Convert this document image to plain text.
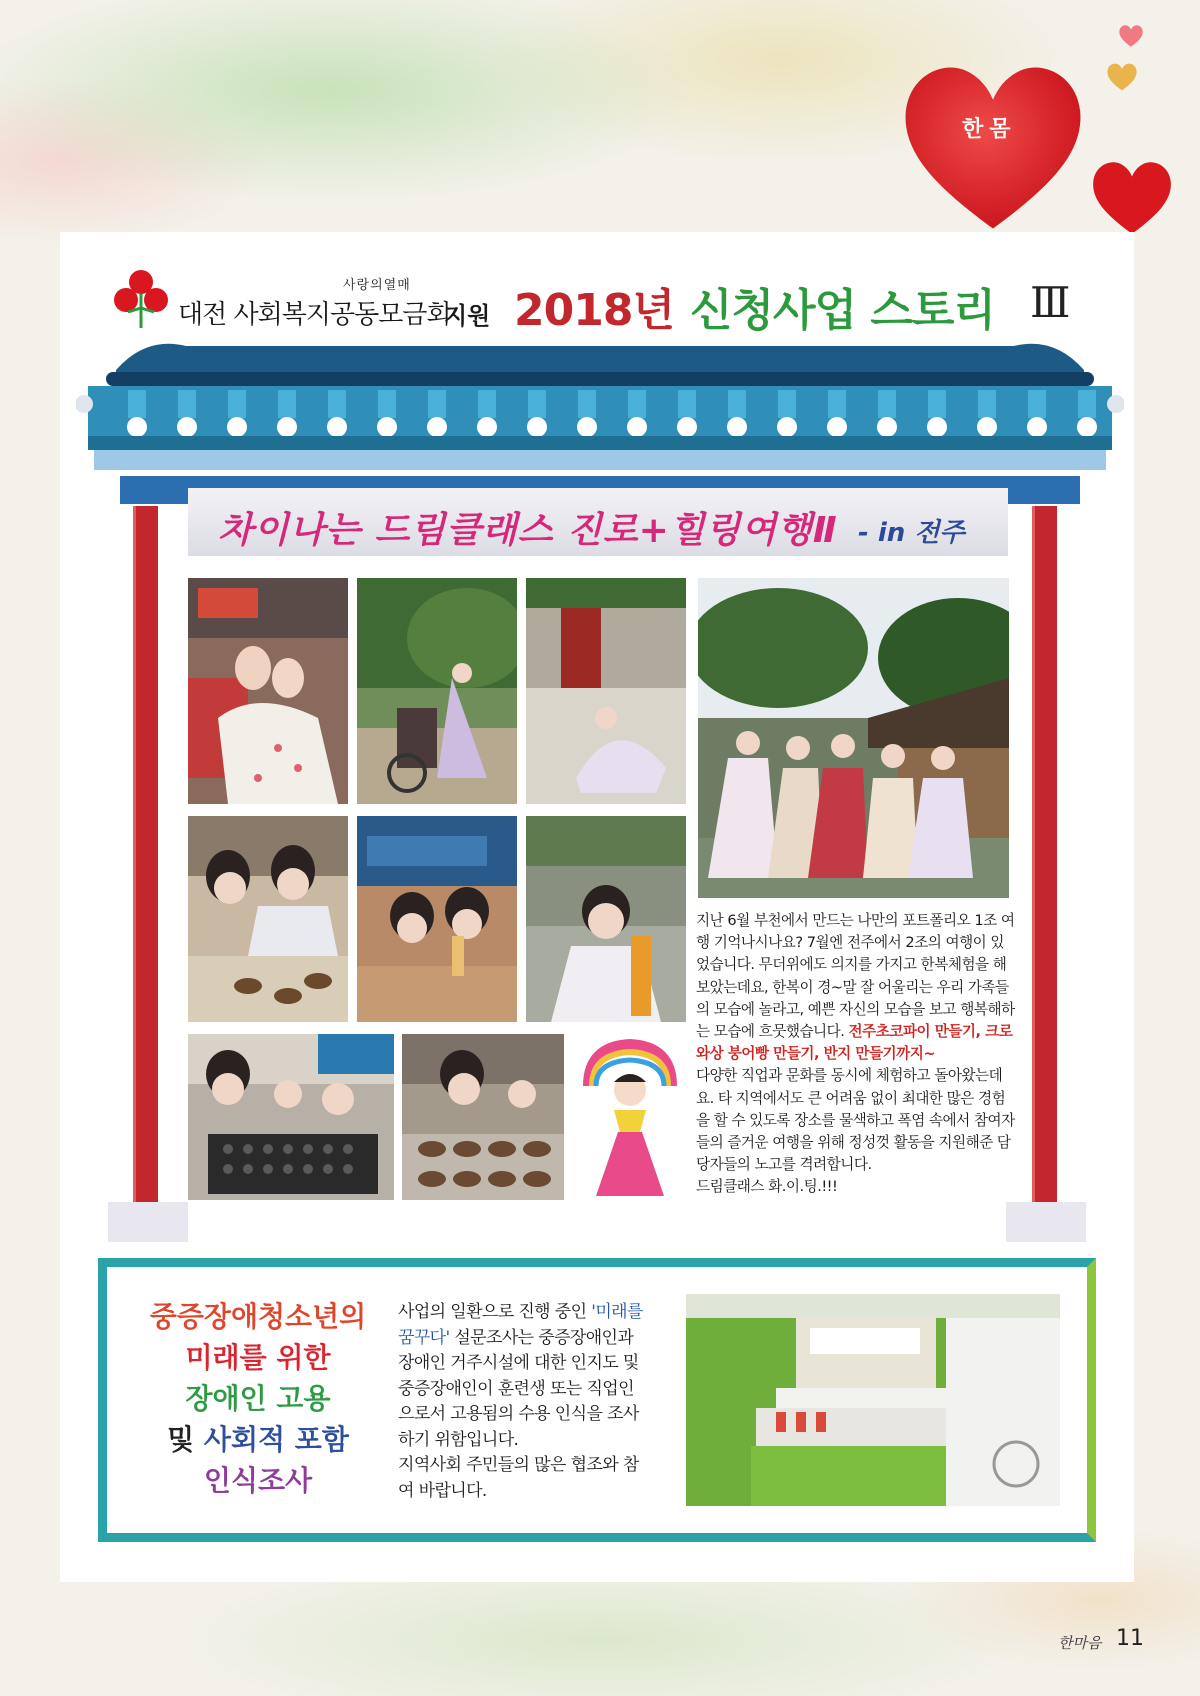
한몸
사랑의열매
대전 사회복지공동모금회
지원 2018년 신청사업 스토리 Ⅲ
차이나는 드림클래스 진로+힐링여행Ⅱ - in 전주

지난 6월 부천에서 만드는 나만의 포트폴리오 1조 여행 기억나시나요? 7월엔 전주에서 2조의 여행이 있었습니다. 무더위에도 의지를 가지고 한복체험을 해보았는데요, 한복이 경~말 잘 어울리는 우리 가족들의 모습에 놀라고, 예쁜 자신의 모습을 보고 행복해하는 모습에 흐뭇했습니다. 전주초코파이 만들기, 크로와상 붕어빵 만들기, 반지 만들기까지~

다양한 직업과 문화를 동시에 체험하고 돌아왔는데요. 타 지역에서도 큰 어려움 없이 최대한 많은 경험을 할 수 있도록 장소를 물색하고 폭염 속에서 참여자들의 즐거운 여행을 위해 정성껏 활동을 지원해준 담당자들의 노고를 격려합니다.

드림클래스 화.이.팅.!!!

중증장애청소년의
미래를 위한
장애인 고용
및 사회적 포함
인식조사

사업의 일환으로 진행 중인 '미래를 꿈꾸다' 설문조사는 중증장애인과 장애인 거주시설에 대한 인지도 및 중증장애인이 훈련생 또는 직업인으로서 고용됨의 수용 인식을 조사하기 위함입니다.

지역사회 주민들의 많은 협조와 참여 바랍니다.

한마음 11
